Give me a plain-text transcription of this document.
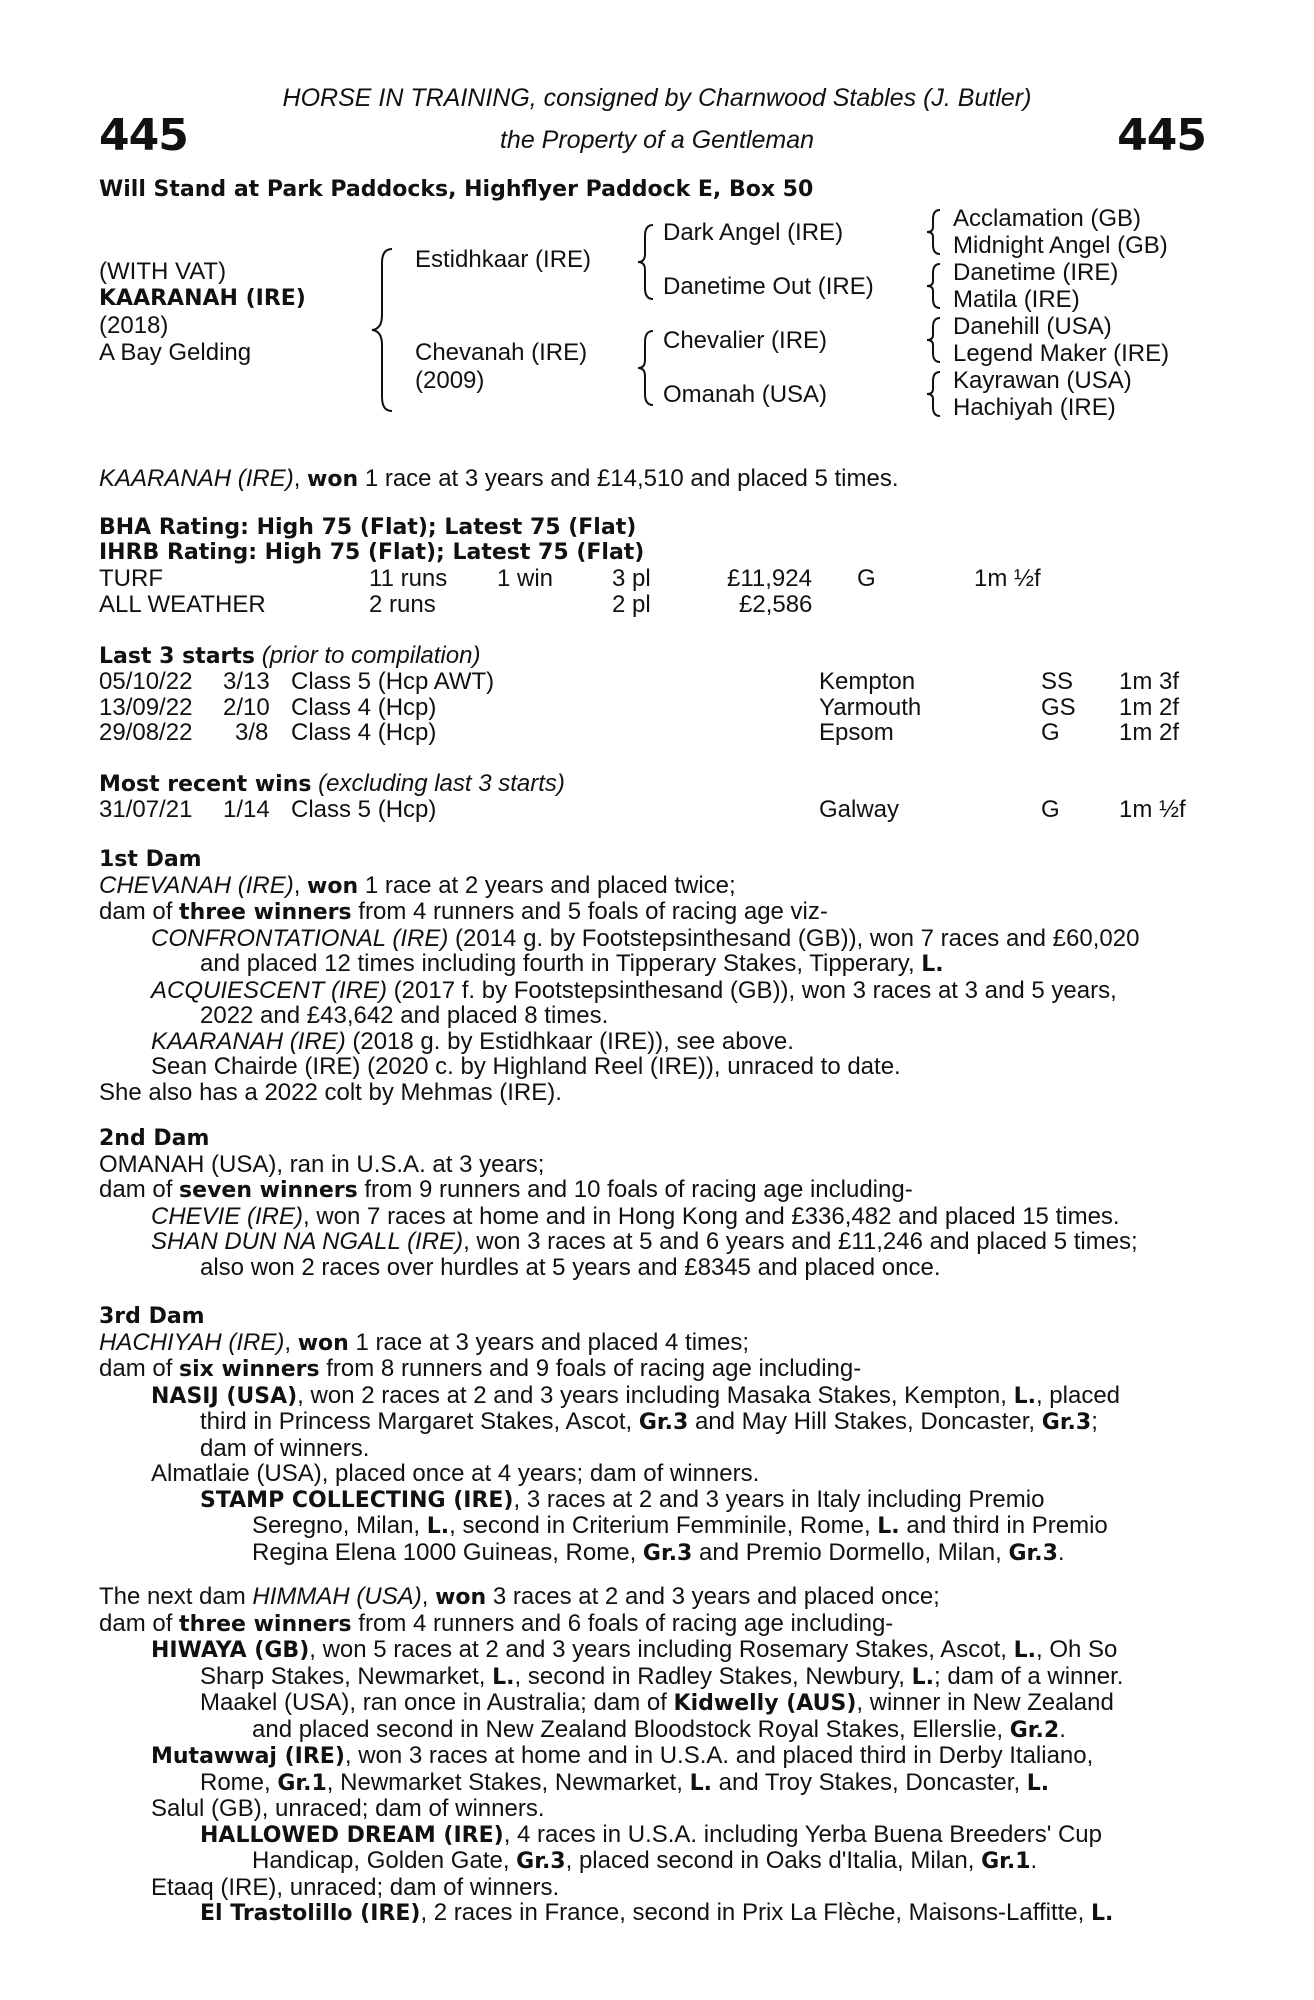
445	445
HORSE IN TRAINING, consigned by Charnwood Stables (J. Butler)
the Property of a Gentleman
Will Stand at Park Paddocks, Highflyer Paddock E, Box 50
(WITH VAT)
KAARANAH (IRE)
(2018)
A Bay Gelding
Estidhkaar (IRE)
Chevanah (IRE)
(2009)
Dark Angel (IRE)
Danetime Out (IRE)
Chevalier (IRE)
Omanah (USA)
Acclamation (GB)
Midnight Angel (GB)
Danetime (IRE)
Matila (IRE)
Danehill (USA)
Legend Maker (IRE)
Kayrawan (USA)
Hachiyah (IRE)
KAARANAH (IRE), won 1 race at 3 years and £14,510 and placed 5 times.
BHA Rating: High 75 (Flat); Latest 75 (Flat)
IHRB Rating: High 75 (Flat); Latest 75 (Flat)
TURF	11 runs 1 win 3 pl	£11,924 G	1m ½f
ALL WEATHER	2 runs	2 pl	£2,586
Last 3 starts (prior to compilation)
05/10/22 3/13 Class 5 (Hcp AWT)	Kempton	SS 1m 3f
13/09/22 2/10 Class 4 (Hcp)	Yarmouth	GS 1m 2f
29/08/22 3/8 Class 4 (Hcp)	Epsom	G 1m 2f
Most recent wins (excluding last 3 starts)
31/07/21 1/14 Class 5 (Hcp)	Galway	G 1m ½f
1st Dam
CHEVANAH (IRE), won 1 race at 2 years and placed twice;
dam of three winners from 4 runners and 5 foals of racing age viz-
CONFRONTATIONAL (IRE) (2014 g. by Footstepsinthesand (GB)), won 7 races and £60,020
and placed 12 times including fourth in Tipperary Stakes, Tipperary, L.
ACQUIESCENT (IRE) (2017 f. by Footstepsinthesand (GB)), won 3 races at 3 and 5 years,
2022 and £43,642 and placed 8 times.
KAARANAH (IRE) (2018 g. by Estidhkaar (IRE)), see above.
Sean Chairde (IRE) (2020 c. by Highland Reel (IRE)), unraced to date.
She also has a 2022 colt by Mehmas (IRE).
2nd Dam
OMANAH (USA), ran in U.S.A. at 3 years;
dam of seven winners from 9 runners and 10 foals of racing age including-
CHEVIE (IRE), won 7 races at home and in Hong Kong and £336,482 and placed 15 times.
SHAN DUN NA NGALL (IRE), won 3 races at 5 and 6 years and £11,246 and placed 5 times;
also won 2 races over hurdles at 5 years and £8345 and placed once.
3rd Dam
HACHIYAH (IRE), won 1 race at 3 years and placed 4 times;
dam of six winners from 8 runners and 9 foals of racing age including-
NASIJ (USA), won 2 races at 2 and 3 years including Masaka Stakes, Kempton, L., placed
third in Princess Margaret Stakes, Ascot, Gr.3 and May Hill Stakes, Doncaster, Gr.3;
dam of winners.
Almatlaie (USA), placed once at 4 years; dam of winners.
STAMP COLLECTING (IRE), 3 races at 2 and 3 years in Italy including Premio
Seregno, Milan, L., second in Criterium Femminile, Rome, L. and third in Premio
Regina Elena 1000 Guineas, Rome, Gr.3 and Premio Dormello, Milan, Gr.3.
The next dam HIMMAH (USA), won 3 races at 2 and 3 years and placed once;
dam of three winners from 4 runners and 6 foals of racing age including-
HIWAYA (GB), won 5 races at 2 and 3 years including Rosemary Stakes, Ascot, L., Oh So
Sharp Stakes, Newmarket, L., second in Radley Stakes, Newbury, L.; dam of a winner.
Maakel (USA), ran once in Australia; dam of Kidwelly (AUS), winner in New Zealand
and placed second in New Zealand Bloodstock Royal Stakes, Ellerslie, Gr.2.
Mutawwaj (IRE), won 3 races at home and in U.S.A. and placed third in Derby Italiano,
Rome, Gr.1, Newmarket Stakes, Newmarket, L. and Troy Stakes, Doncaster, L.
Salul (GB), unraced; dam of winners.
HALLOWED DREAM (IRE), 4 races in U.S.A. including Yerba Buena Breeders' Cup
Handicap, Golden Gate, Gr.3, placed second in Oaks d'Italia, Milan, Gr.1.
Etaaq (IRE), unraced; dam of winners.
El Trastolillo (IRE), 2 races in France, second in Prix La Flèche, Maisons-Laffitte, L.
